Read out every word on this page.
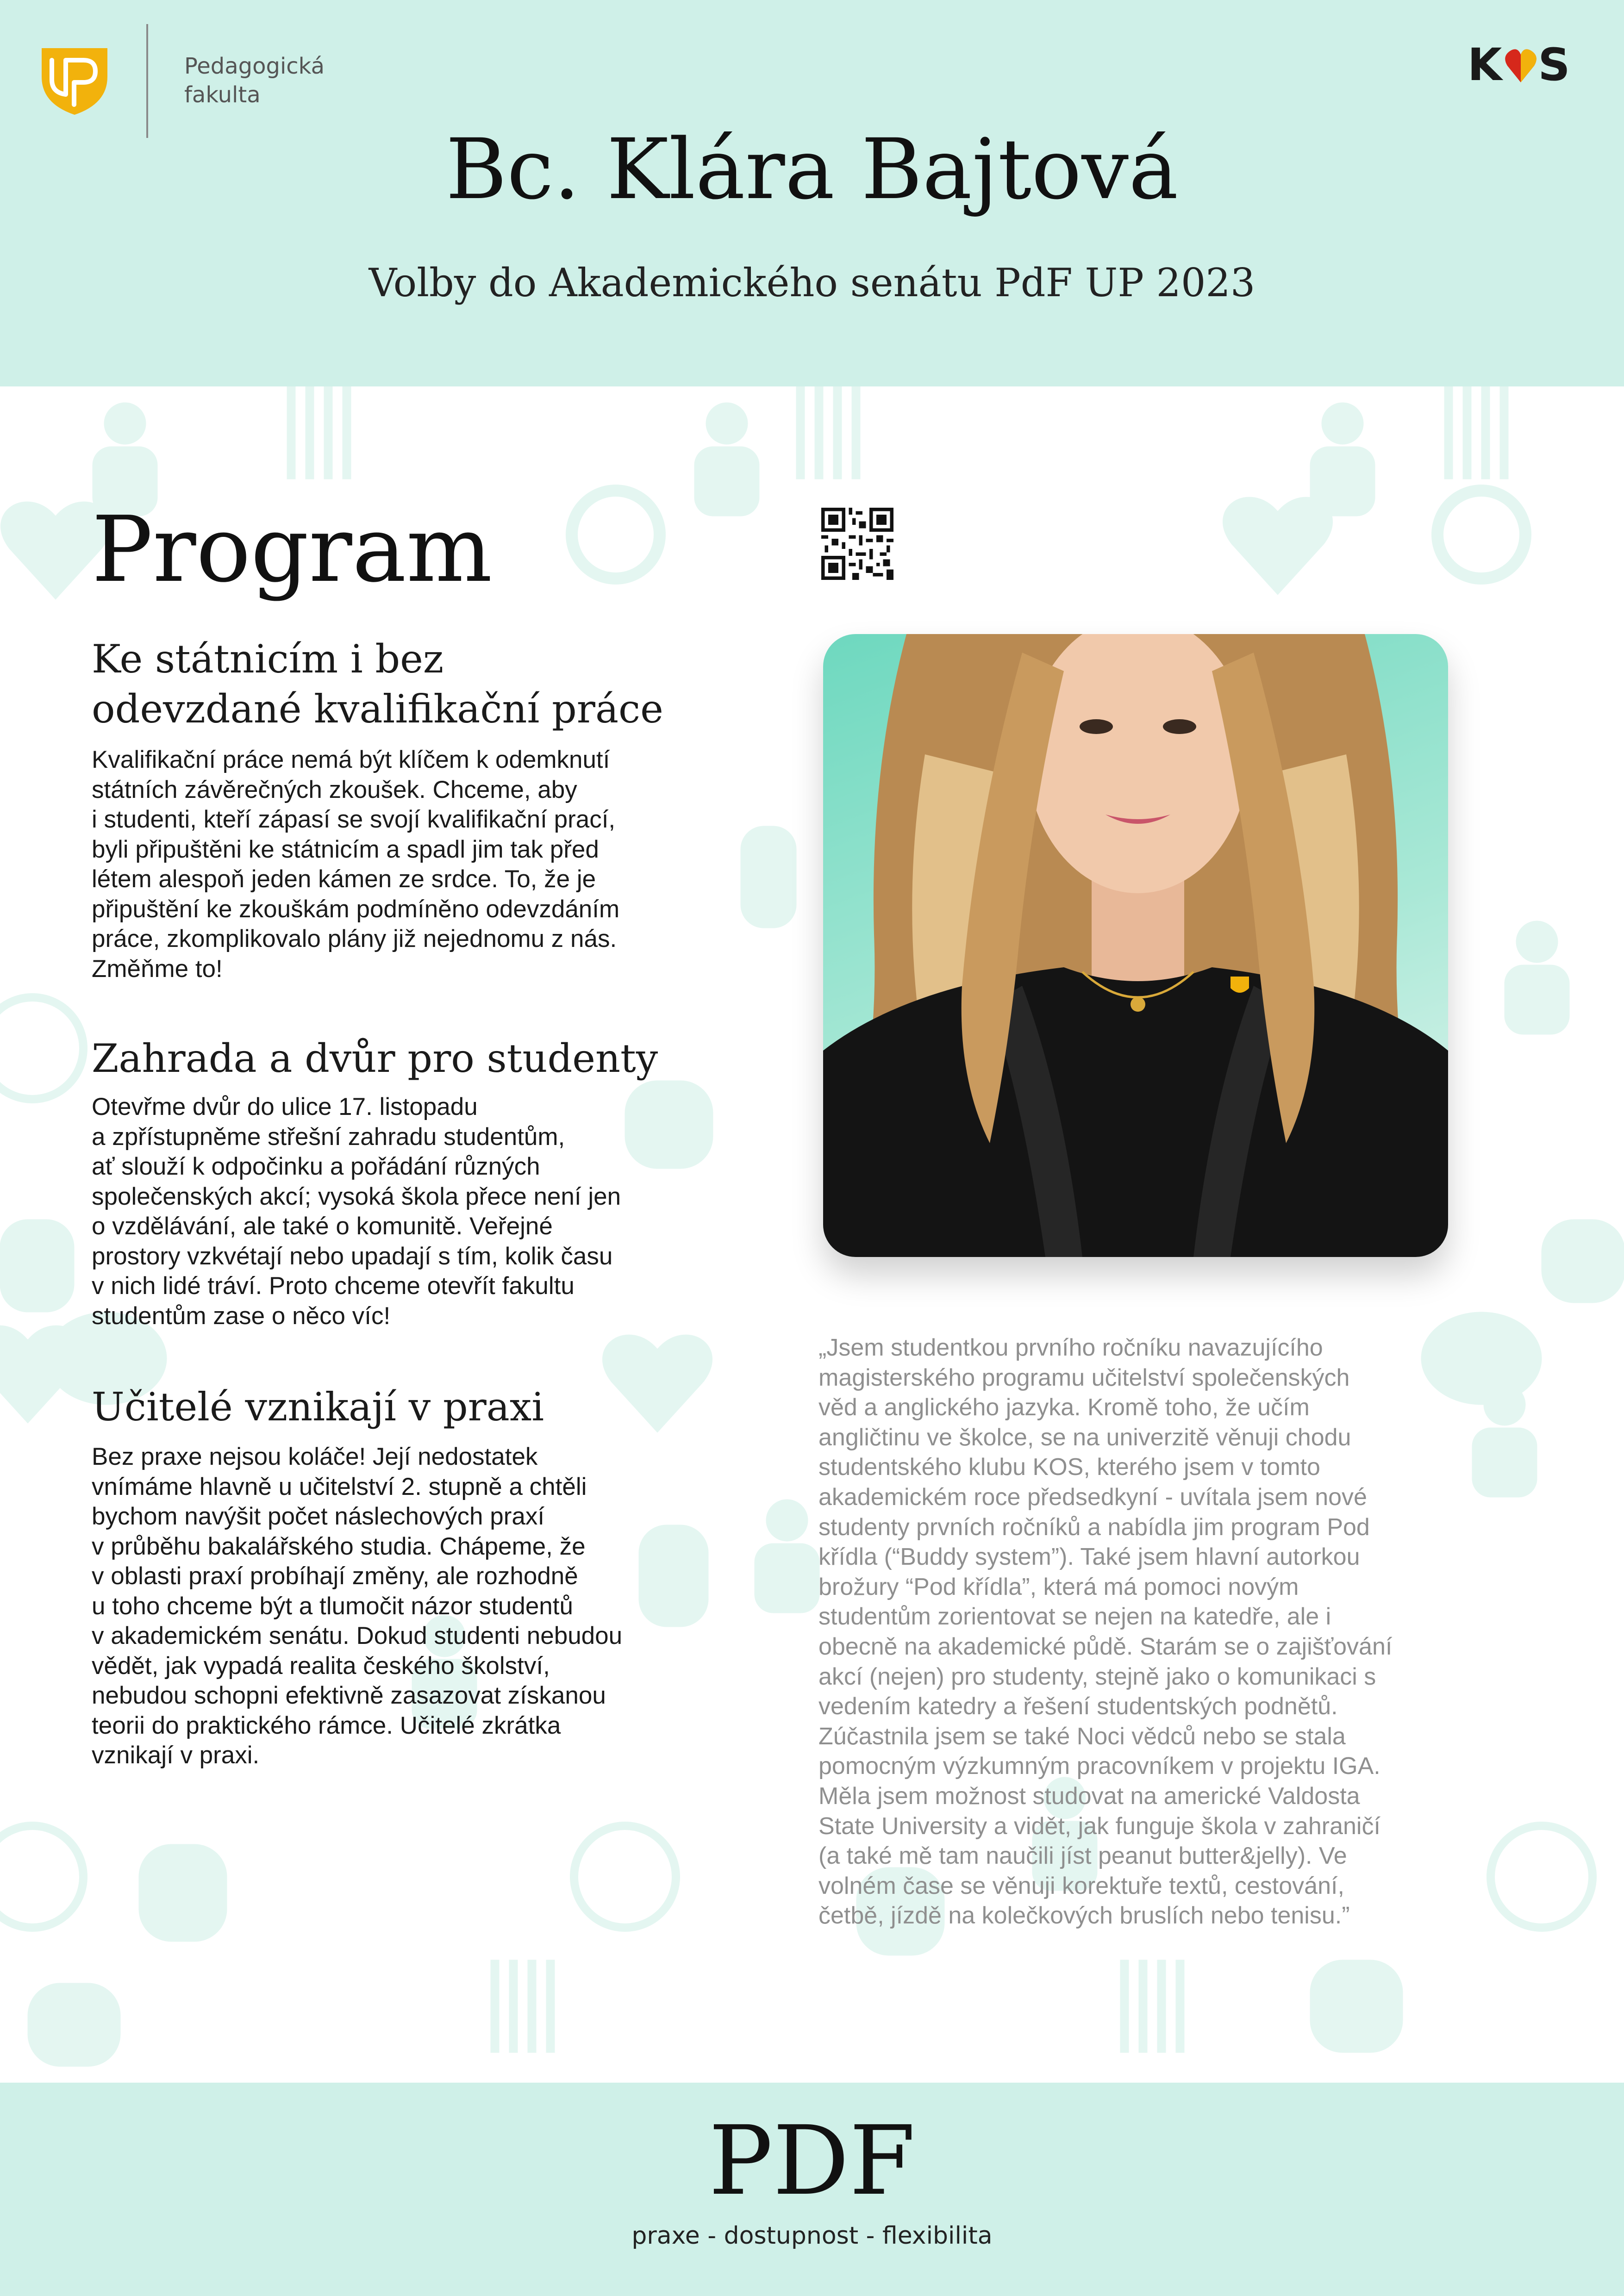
Pedagogická
fakulta
K S
Bc. Klára Bajtová
Volby do Akademického senátu PdF UP 2023
Program
Ke státnicím i bez
odevzdané kvalifikační práce
Kvalifikační práce nemá být klíčem k odemknutí
státních závěrečných zkoušek. Chceme, aby
i studenti, kteří zápasí se svojí kvalifikační prací,
byli připuštěni ke státnicím a spadl jim tak před
létem alespoň jeden kámen ze srdce. To, že je
připuštění ke zkouškám podmíněno odevzdáním
práce, zkomplikovalo plány již nejednomu z nás.
Změňme to!
Zahrada a dvůr pro studenty
Otevřme dvůr do ulice 17. listopadu
a zpřístupněme střešní zahradu studentům,
ať slouží k odpočinku a pořádání různých
společenských akcí; vysoká škola přece není jen
o vzdělávání, ale také o komunitě. Veřejné
prostory vzkvétají nebo upadají s tím, kolik času
v nich lidé tráví. Proto chceme otevřít fakultu
studentům zase o něco víc!
Učitelé vznikají v praxi
Bez praxe nejsou koláče! Její nedostatek
vnímáme hlavně u učitelství 2. stupně a chtěli
bychom navýšit počet náslechových praxí
v průběhu bakalářského studia. Chápeme, že
v oblasti praxí probíhají změny, ale rozhodně
u toho chceme být a tlumočit názor studentů
v akademickém senátu. Dokud studenti nebudou
vědět, jak vypadá realita českého školství,
nebudou schopni efektivně zasazovat získanou
teorii do praktického rámce. Učitelé zkrátka
vznikají v praxi.
„Jsem studentkou prvního ročníku navazujícího
magisterského programu učitelství společenských
věd a anglického jazyka. Kromě toho, že učím
angličtinu ve školce, se na univerzitě věnuji chodu
studentského klubu KOS, kterého jsem v tomto
akademickém roce předsedkyní - uvítala jsem nové
studenty prvních ročníků a nabídla jim program Pod
křídla (“Buddy system”). Také jsem hlavní autorkou
brožury “Pod křídla”, která má pomoci novým
studentům zorientovat se nejen na katedře, ale i
obecně na akademické půdě. Starám se o zajišťování
akcí (nejen) pro studenty, stejně jako o komunikaci s
vedením katedry a řešení studentských podnětů.
Zúčastnila jsem se také Noci vědců nebo se stala
pomocným výzkumným pracovníkem v projektu IGA.
Měla jsem možnost studovat na americké Valdosta
State University a vidět, jak funguje škola v zahraničí
(a také mě tam naučili jíst peanut butter&jelly). Ve
volném čase se věnuji korektuře textů, cestování,
četbě, jízdě na kolečkových bruslích nebo tenisu.”
PDF
praxe - dostupnost - flexibilita
